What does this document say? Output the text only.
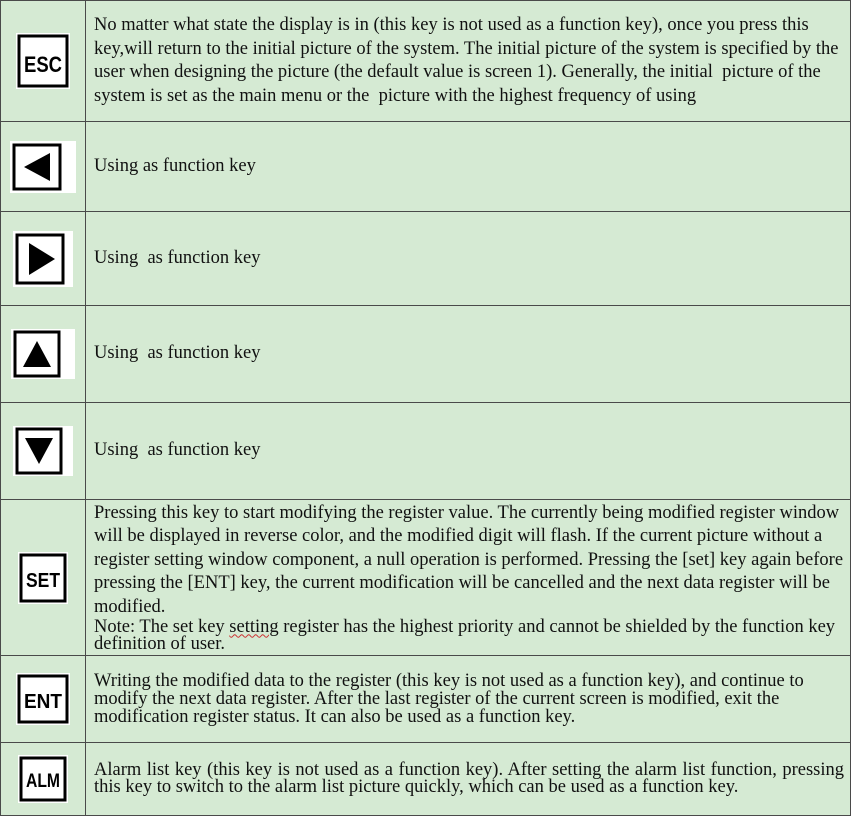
ESC	No matter what state the display is in (this key is not used as a function key), once you press this key,will return to the initial picture of the system. The initial picture of the system is specified by the user when designing the picture (the default value is screen 1). Generally, the initial  picture of the system is set as the main menu or the  picture with the highest frequency of using

	Using as function key

	Using  as function key

	Using  as function key

	Using  as function key

SET	Pressing this key to start modifying the register value. The currently being modified register window will be displayed in reverse color, and the modified digit will flash. If the current picture without a register setting window component, a null operation is performed. Pressing the [set] key again before pressing the [ENT] key, the current modification will be cancelled and the next data register will be modified.

Note: The set key setting register has the highest priority and cannot be shielded by the function key definition of user.

ENT	Writing the modified data to the register (this key is not used as a function key), and continue to modify the next data register. After the last register of the current screen is modified, exit the modification register status. It can also be used as a function key.

ALM	Alarm list key (this key is not used as a function key). After setting the alarm list function, pressing this key to switch to the alarm list picture quickly, which can be used as a function key.
